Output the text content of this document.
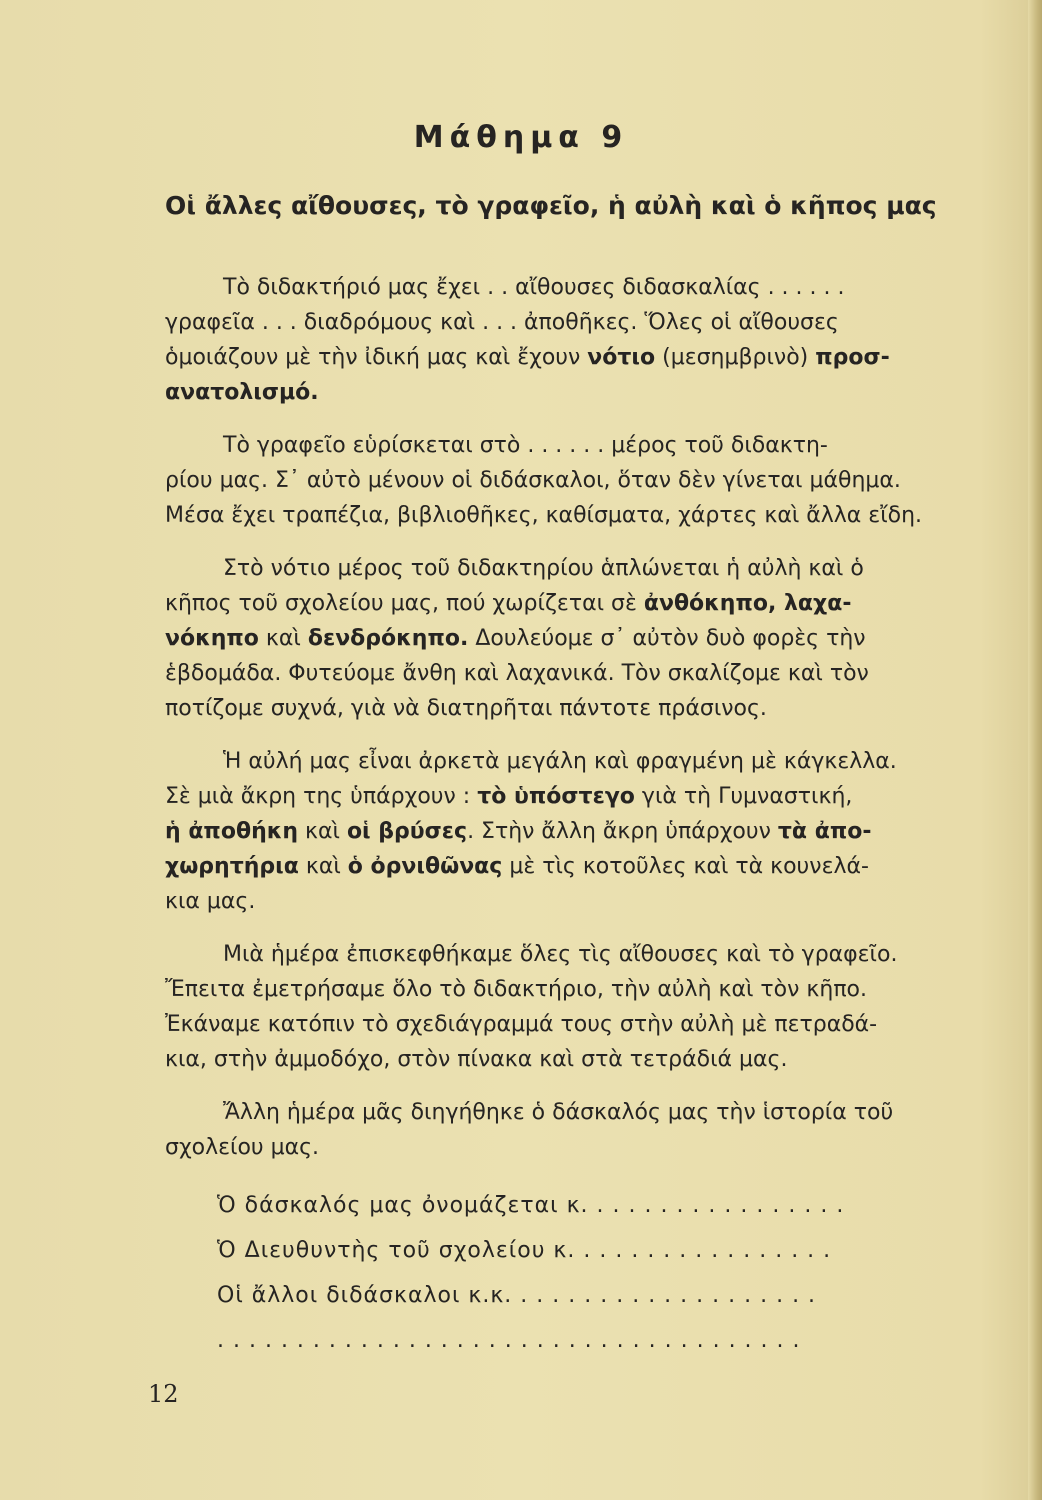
Μάθημα 9
Οἱ ἄλλες αἴθουσες, τὸ γραφεῖο, ἡ αὐλὴ καὶ ὁ κῆπος μας
Τὸ διδακτήριό μας ἔχει . . αἴθουσες διδασκαλίας . . . . . .
γραφεῖα . . . διαδρόμους καὶ . . . ἀποθῆκες. Ὅλες οἱ αἴθουσες
ὁμοιάζουν μὲ τὴν ἰδική μας καὶ ἔχουν νότιο (μεσημβρινὸ) προσ-
ανατολισμό.
Τὸ γραφεῖο εὑρίσκεται στὸ . . . . . . μέρος τοῦ διδακτη-
ρίου μας. Σ᾽ αὐτὸ μένουν οἱ διδάσκαλοι, ὅταν δὲν γίνεται μάθημα.
Μέσα ἔχει τραπέζια, βιβλιοθῆκες, καθίσματα, χάρτες καὶ ἄλλα εἴδη.
Στὸ νότιο μέρος τοῦ διδακτηρίου ἁπλώνεται ἡ αὐλὴ καὶ ὁ
κῆπος τοῦ σχολείου μας, πού χωρίζεται σὲ ἀνθόκηπο, λαχα-
νόκηπο καὶ δενδρόκηπο. Δουλεύομε σ᾽ αὐτὸν δυὸ φορὲς τὴν
ἑβδομάδα. Φυτεύομε ἄνθη καὶ λαχανικά. Τὸν σκαλίζομε καὶ τὸν
ποτίζομε συχνά, γιὰ νὰ διατηρῆται πάντοτε πράσινος.
Ἡ αὐλή μας εἶναι ἀρκετὰ μεγάλη καὶ φραγμένη μὲ κάγκελλα.
Σὲ μιὰ ἄκρη της ὑπάρχουν : τὸ ὑπόστεγο γιὰ τὴ Γυμναστική,
ἡ ἀποθήκη καὶ οἱ βρύσες. Στὴν ἄλλη ἄκρη ὑπάρχουν τὰ ἀπο-
χωρητήρια καὶ ὁ ὀρνιθῶνας μὲ τὶς κοτοῦλες καὶ τὰ κουνελά-
κια μας.
Μιὰ ἡμέρα ἐπισκεφθήκαμε ὅλες τὶς αἴθουσες καὶ τὸ γραφεῖο.
Ἔπειτα ἐμετρήσαμε ὅλο τὸ διδακτήριο, τὴν αὐλὴ καὶ τὸν κῆπο.
Ἐκάναμε κατόπιν τὸ σχεδιάγραμμά τους στὴν αὐλὴ μὲ πετραδά-
κια, στὴν ἀμμοδόχο, στὸν πίνακα καὶ στὰ τετράδιά μας.
Ἄλλη ἡμέρα μᾶς διηγήθηκε ὁ δάσκαλός μας τὴν ἱστορία τοῦ
σχολείου μας.
Ὁ δάσκαλός μας ὀνομάζεται κ. . . . . . . . . . . . . . . . .
Ὁ Διευθυντὴς τοῦ σχολείου κ. . . . . . . . . . . . . . . . .
Οἱ ἄλλοι διδάσκαλοι κ.κ. . . . . . . . . . . . . . . . . . . .
. . . . . . . . . . . . . . . . . . . . . . . . . . . . . . . . . . . . .
12
